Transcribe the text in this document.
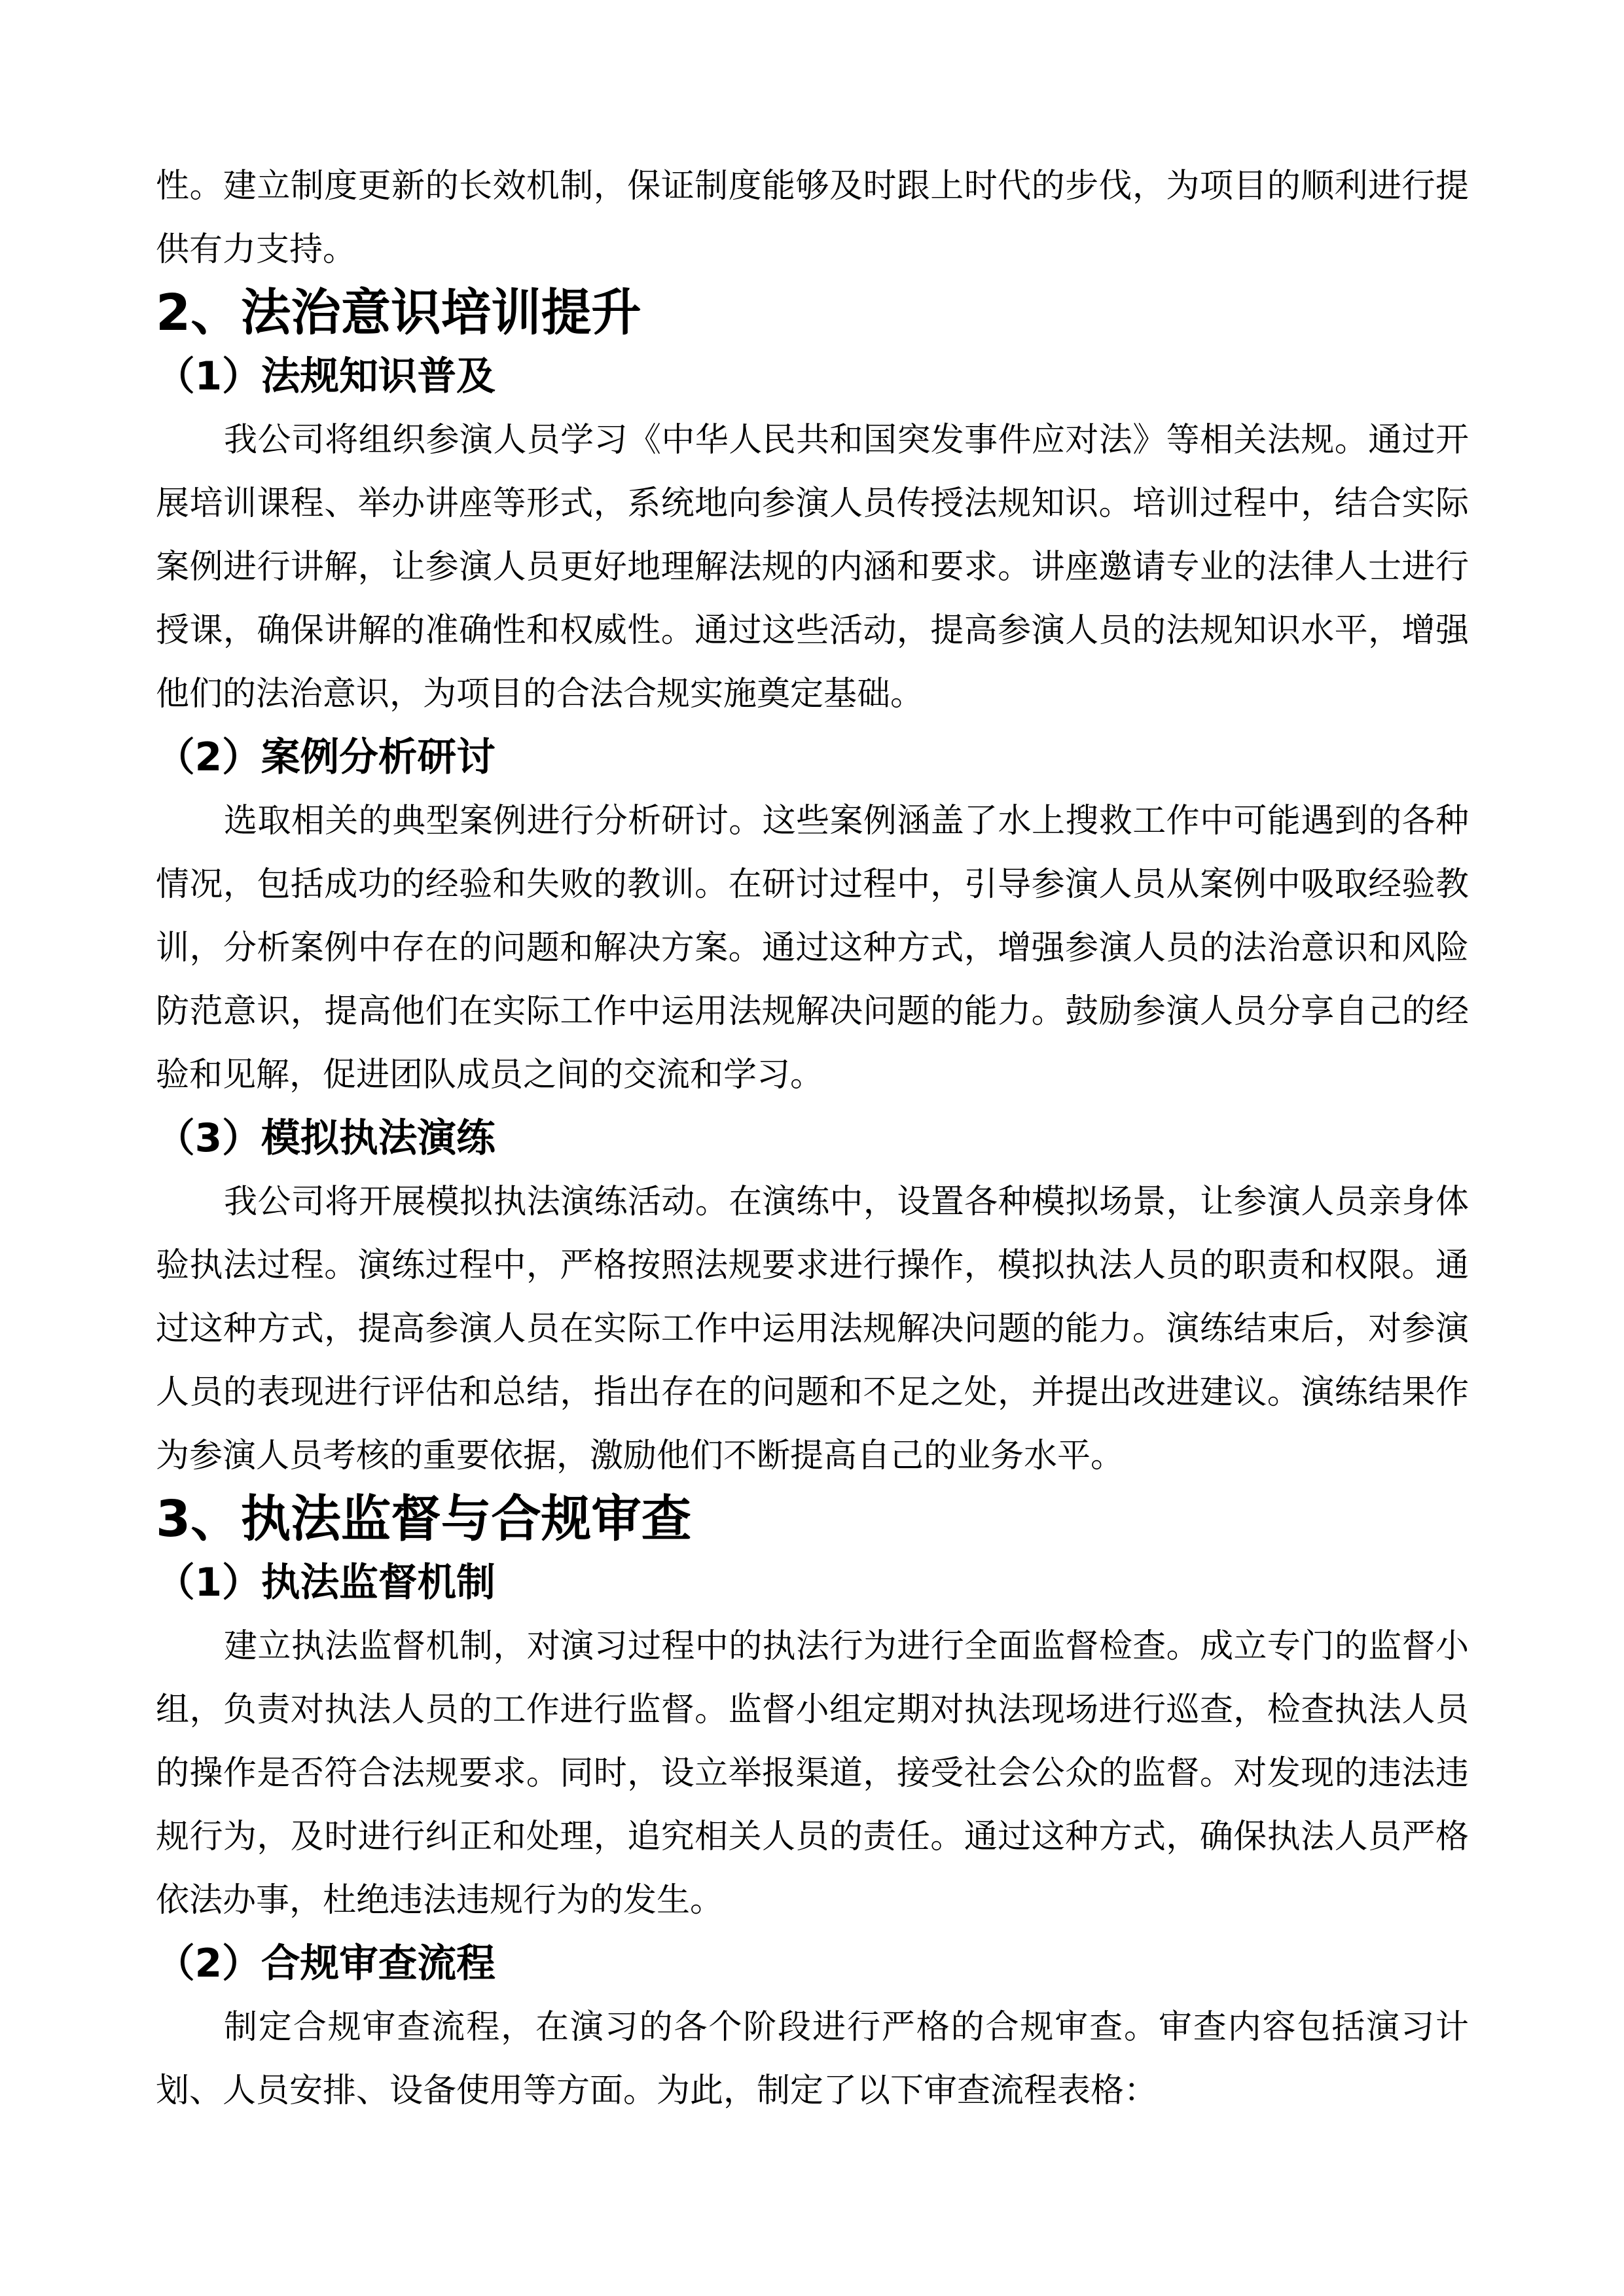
性。建立制度更新的长效机制，保证制度能够及时跟上时代的步伐，为项目的顺利进行提供有力支持。

2、法治意识培训提升
（1）法规知识普及

我公司将组织参演人员学习《中华人民共和国突发事件应对法》等相关法规。通过开展培训课程、举办讲座等形式，系统地向参演人员传授法规知识。培训过程中，结合实际案例进行讲解，让参演人员更好地理解法规的内涵和要求。讲座邀请专业的法律人士进行授课，确保讲解的准确性和权威性。通过这些活动，提高参演人员的法规知识水平，增强他们的法治意识，为项目的合法合规实施奠定基础。

（2）案例分析研讨

选取相关的典型案例进行分析研讨。这些案例涵盖了水上搜救工作中可能遇到的各种情况，包括成功的经验和失败的教训。在研讨过程中，引导参演人员从案例中吸取经验教训，分析案例中存在的问题和解决方案。通过这种方式，增强参演人员的法治意识和风险防范意识，提高他们在实际工作中运用法规解决问题的能力。鼓励参演人员分享自己的经验和见解，促进团队成员之间的交流和学习。

（3）模拟执法演练

我公司将开展模拟执法演练活动。在演练中，设置各种模拟场景，让参演人员亲身体验执法过程。演练过程中，严格按照法规要求进行操作，模拟执法人员的职责和权限。通过这种方式，提高参演人员在实际工作中运用法规解决问题的能力。演练结束后，对参演人员的表现进行评估和总结，指出存在的问题和不足之处，并提出改进建议。演练结果作为参演人员考核的重要依据，激励他们不断提高自己的业务水平。

3、执法监督与合规审查
（1）执法监督机制

建立执法监督机制，对演习过程中的执法行为进行全面监督检查。成立专门的监督小组，负责对执法人员的工作进行监督。监督小组定期对执法现场进行巡查，检查执法人员的操作是否符合法规要求。同时，设立举报渠道，接受社会公众的监督。对发现的违法违规行为，及时进行纠正和处理，追究相关人员的责任。通过这种方式，确保执法人员严格依法办事，杜绝违法违规行为的发生。

（2）合规审查流程

制定合规审查流程，在演习的各个阶段进行严格的合规审查。审查内容包括演习计划、人员安排、设备使用等方面。为此，制定了以下审查流程表格：
